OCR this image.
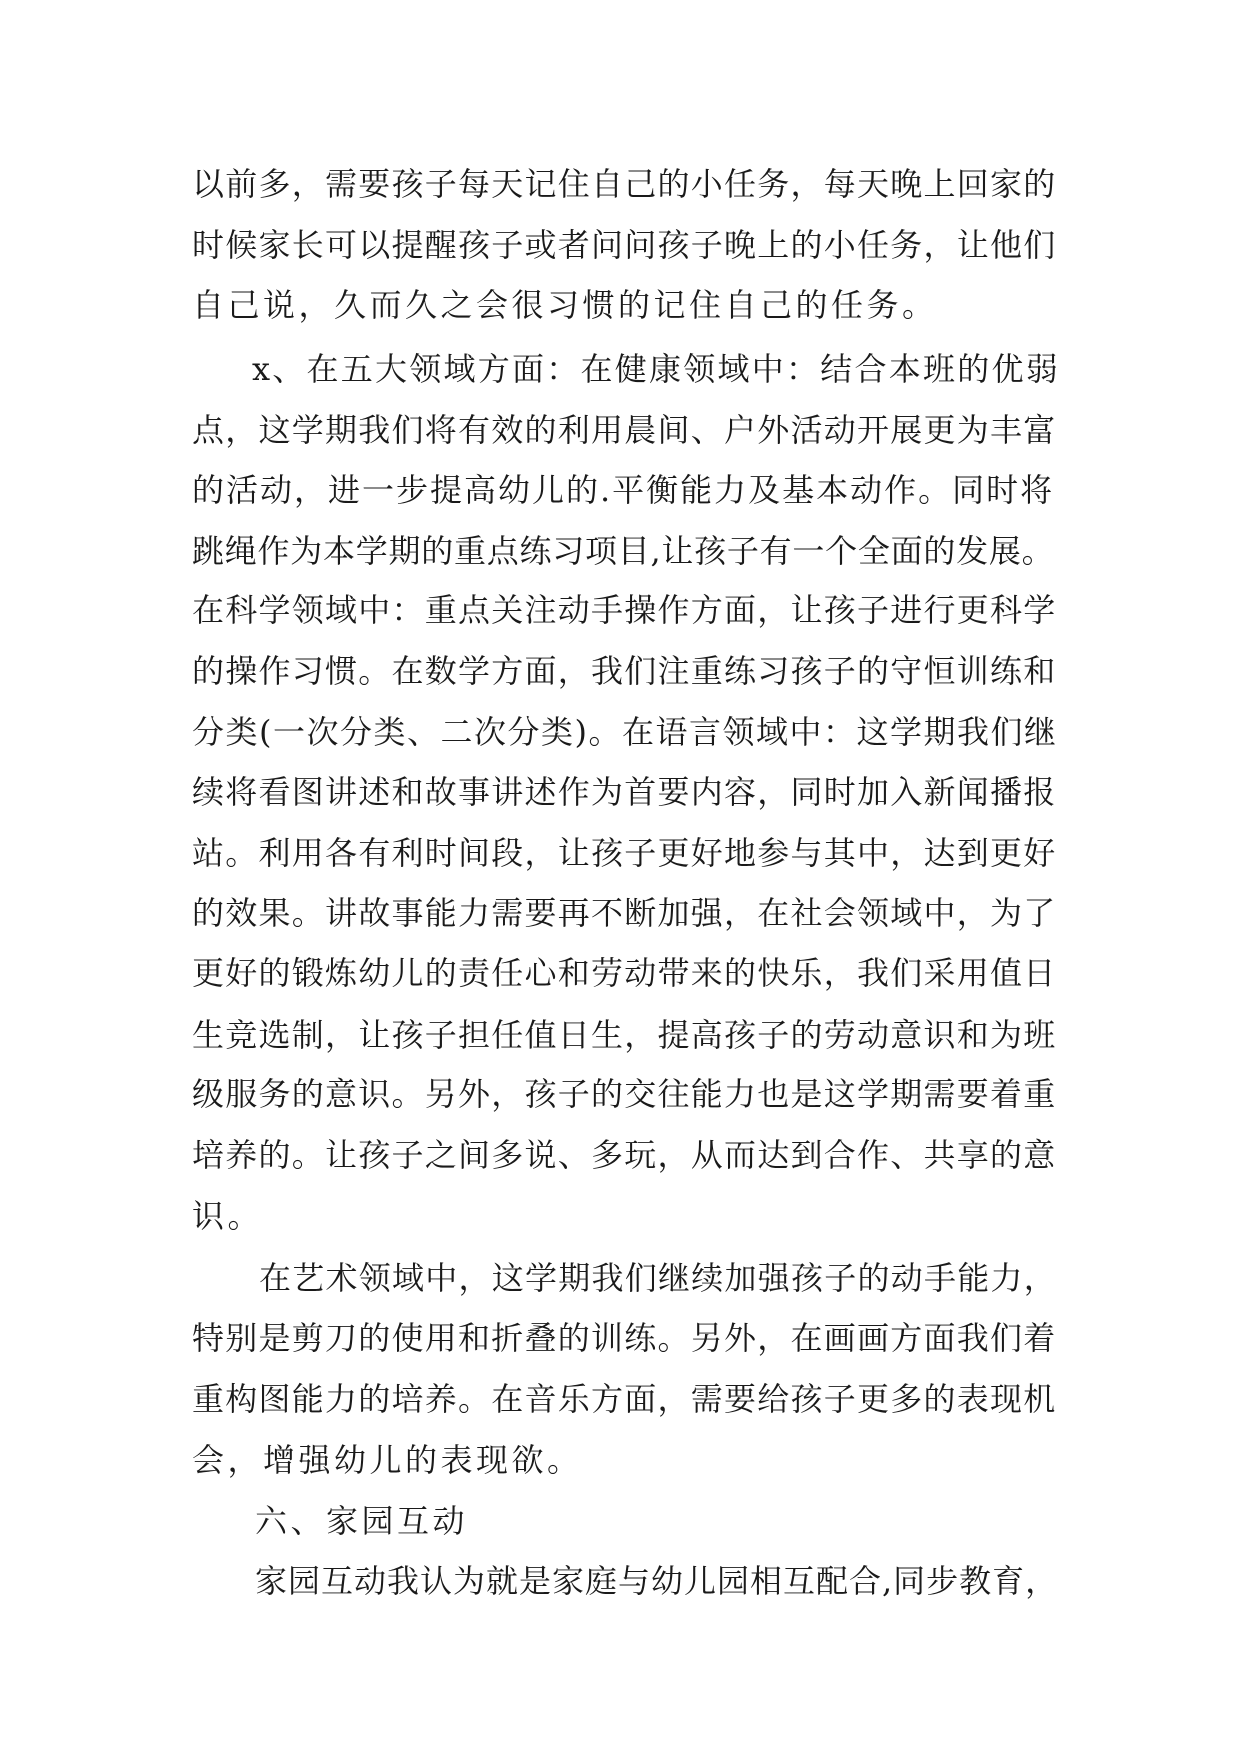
以前多，需要孩子每天记住自己的小任务，每天晚上回家的
时候家长可以提醒孩子或者问问孩子晚上的小任务，让他们
自己说，久而久之会很习惯的记住自己的任务。
x、在五大领域方面：在健康领域中：结合本班的优弱
点，这学期我们将有效的利用晨间、户外活动开展更为丰富
的活动，进一步提高幼儿的.平衡能力及基本动作。同时将
跳绳作为本学期的重点练习项目,让孩子有一个全面的发展。
在科学领域中：重点关注动手操作方面，让孩子进行更科学
的操作习惯。在数学方面，我们注重练习孩子的守恒训练和
分类(一次分类、二次分类)。在语言领域中：这学期我们继
续将看图讲述和故事讲述作为首要内容，同时加入新闻播报
站。利用各有利时间段，让孩子更好地参与其中，达到更好
的效果。讲故事能力需要再不断加强，在社会领域中，为了
更好的锻炼幼儿的责任心和劳动带来的快乐，我们采用值日
生竞选制，让孩子担任值日生，提高孩子的劳动意识和为班
级服务的意识。另外，孩子的交往能力也是这学期需要着重
培养的。让孩子之间多说、多玩，从而达到合作、共享的意
识。
在艺术领域中，这学期我们继续加强孩子的动手能力，
特别是剪刀的使用和折叠的训练。另外，在画画方面我们着
重构图能力的培养。在音乐方面，需要给孩子更多的表现机
会，增强幼儿的表现欲。
六、家园互动
家园互动我认为就是家庭与幼儿园相互配合,同步教育，
